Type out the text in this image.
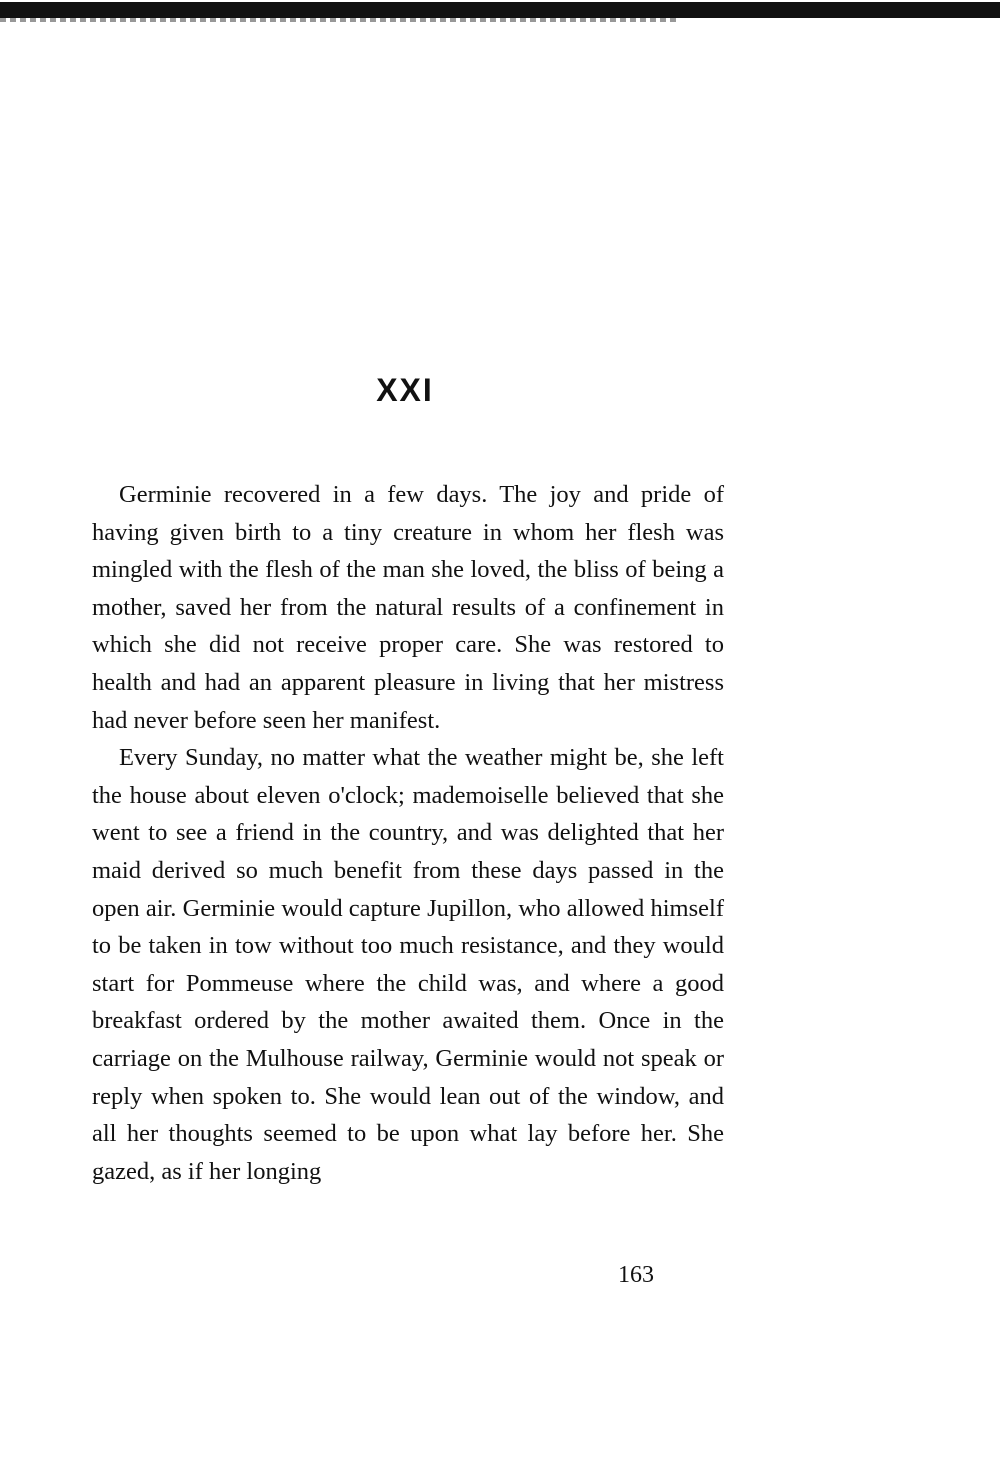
XXI

Germinie recovered in a few days. The joy and pride of having given birth to a tiny creature in whom her flesh was mingled with the flesh of the man she loved, the bliss of being a mother, saved her from the natural results of a confinement in which she did not receive proper care. She was restored to health and had an apparent pleasure in living that her mistress had never before seen her manifest.

Every Sunday, no matter what the weather might be, she left the house about eleven o'clock; mademoiselle believed that she went to see a friend in the country, and was delighted that her maid derived so much benefit from these days passed in the open air. Germinie would capture Jupillon, who allowed himself to be taken in tow without too much resistance, and they would start for Pommeuse where the child was, and where a good breakfast ordered by the mother awaited them. Once in the carriage on the Mulhouse railway, Germinie would not speak or reply when spoken to. She would lean out of the window, and all her thoughts seemed to be upon what lay before her. She gazed, as if her longing

163
